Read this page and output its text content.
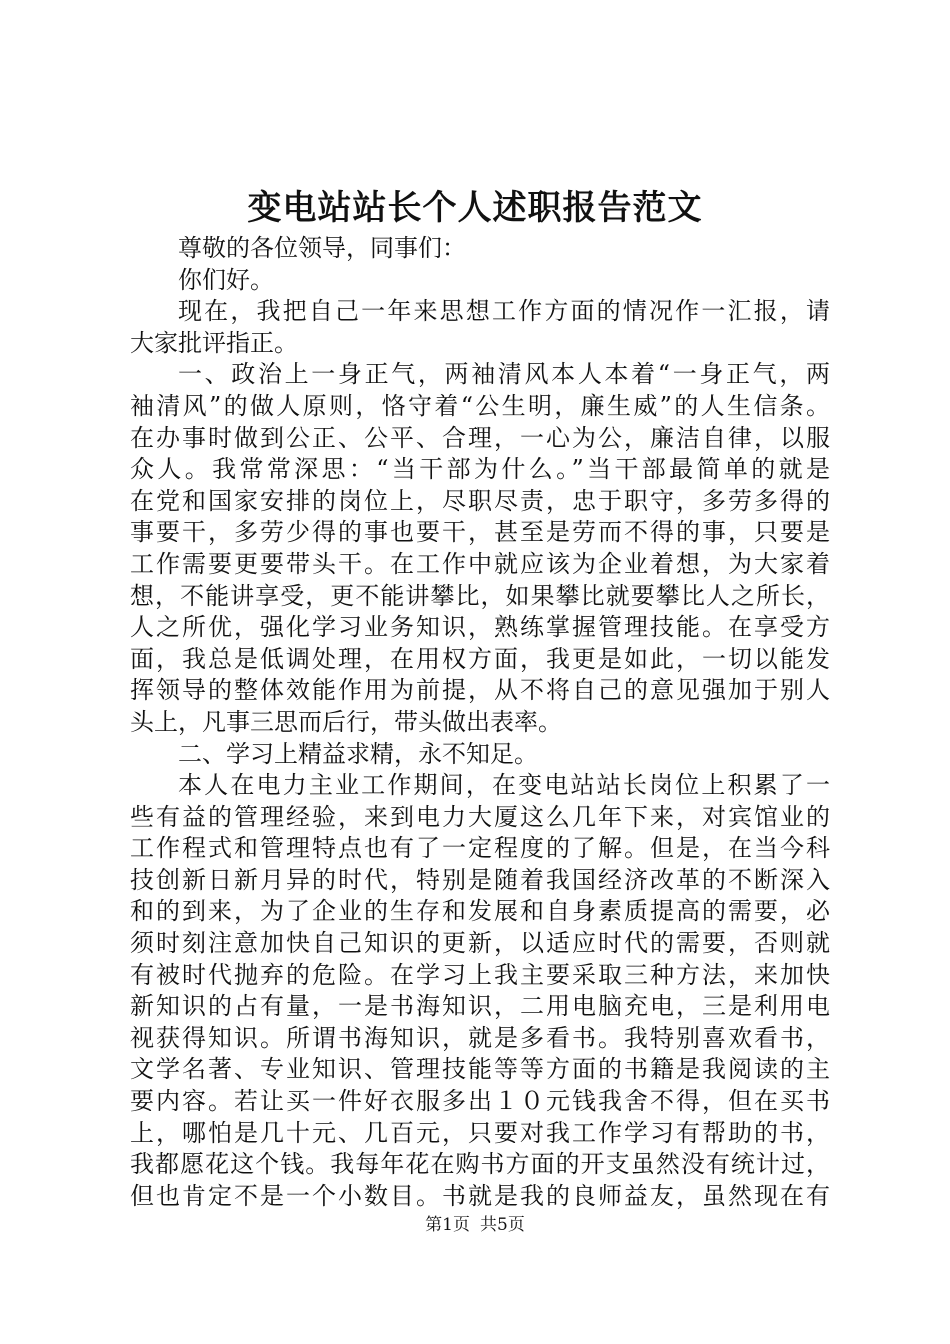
变电站站长个人述职报告范文
尊敬的各位领导，同事们：
你们好。
现在，我把自己一年来思想工作方面的情况作一汇报，请
大家批评指正。
一、政治上一身正气，两袖清风本人本着“一身正气，两
袖清风”的做人原则，恪守着“公生明，廉生威”的人生信条。
在办事时做到公正、公平、合理，一心为公，廉洁自律，以服
众人。我常常深思：“当干部为什么。”当干部最简单的就是
在党和国家安排的岗位上，尽职尽责，忠于职守，多劳多得的
事要干，多劳少得的事也要干，甚至是劳而不得的事，只要是
工作需要更要带头干。在工作中就应该为企业着想，为大家着
想，不能讲享受，更不能讲攀比，如果攀比就要攀比人之所长，
人之所优，强化学习业务知识，熟练掌握管理技能。在享受方
面，我总是低调处理，在用权方面，我更是如此，一切以能发
挥领导的整体效能作用为前提，从不将自己的意见强加于别人
头上，凡事三思而后行，带头做出表率。
二、学习上精益求精，永不知足。
本人在电力主业工作期间，在变电站站长岗位上积累了一
些有益的管理经验，来到电力大厦这么几年下来，对宾馆业的
工作程式和管理特点也有了一定程度的了解。但是，在当今科
技创新日新月异的时代，特别是随着我国经济改革的不断深入
和的到来，为了企业的生存和发展和自身素质提高的需要，必
须时刻注意加快自己知识的更新，以适应时代的需要，否则就
有被时代抛弃的危险。在学习上我主要采取三种方法，来加快
新知识的占有量，一是书海知识，二用电脑充电，三是利用电
视获得知识。所谓书海知识，就是多看书。我特别喜欢看书，
文学名著、专业知识、管理技能等等方面的书籍是我阅读的主
要内容。若让买一件好衣服多出１０元钱我舍不得，但在买书
上，哪怕是几十元、几百元，只要对我工作学习有帮助的书，
我都愿花这个钱。我每年花在购书方面的开支虽然没有统计过，
但也肯定不是一个小数目。书就是我的良师益友，虽然现在有
第1页 共5页
